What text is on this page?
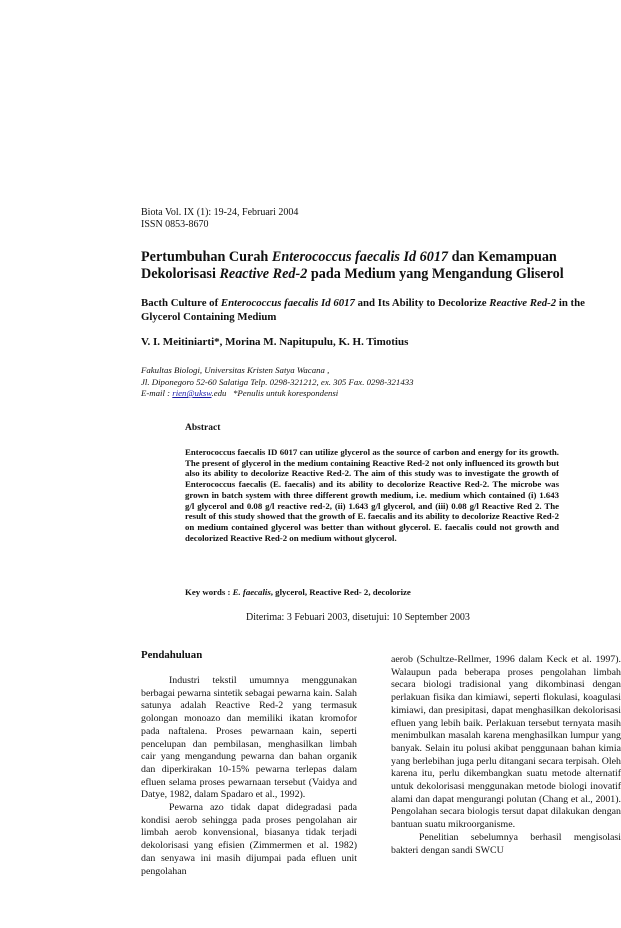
Biota Vol. IX (1): 19-24, Februari 2004
ISSN 0853-8670
Pertumbuhan Curah Enterococcus faecalis Id 6017 dan Kemampuan Dekolorisasi Reactive Red-2 pada Medium yang Mengandung Gliserol
Bacth Culture of Enterococcus faecalis Id 6017 and Its Ability to Decolorize Reactive Red-2 in the Glycerol Containing Medium
V. I. Meitiniarti*, Morina M. Napitupulu, K. H. Timotius
Fakultas Biologi, Universitas Kristen Satya Wacana ,
Jl. Diponegoro 52-60 Salatiga Telp. 0298-321212, ex. 305 Fax. 0298-321433
E-mail : rien@uksw.edu *Penulis untuk korespondensi
Abstract
Enterococcus faecalis ID 6017 can utilize glycerol as the source of carbon and energy for its growth. The present of glycerol in the medium containing Reactive Red-2 not only influenced its growth but also its ability to decolorize Reactive Red-2. The aim of this study was to investigate the growth of Enterococcus faecalis (E. faecalis) and its ability to decolorize Reactive Red-2. The microbe was grown in batch system with three different growth medium, i.e. medium which contained (i) 1.643 g/l glycerol and 0.08 g/l reactive red-2, (ii) 1.643 g/l glycerol, and (iii) 0.08 g/l Reactive Red 2. The result of this study showed that the growth of E. faecalis and its ability to decolorize Reactive Red-2 on medium contained glycerol was better than without glycerol. E. faecalis could not growth and decolorized Reactive Red-2 on medium without glycerol.
Key words : E. faecalis, glycerol, Reactive Red- 2, decolorize
Diterima: 3 Febuari 2003, disetujui: 10 September 2003
Pendahuluan

Industri tekstil umumnya menggunakan berbagai pewarna sintetik sebagai pewarna kain. Salah satunya adalah Reactive Red-2 yang termasuk golongan monoazo dan memiliki ikatan kromofor pada naftalena. Proses pewarnaan kain, seperti pencelupan dan pembilasan, menghasilkan limbah cair yang mengandung pewarna dan bahan organik dan diperkirakan 10-15% pewarna terlepas dalam efluen selama proses pewarnaan tersebut (Vaidya and Datye, 1982, dalam Spadaro et al., 1992).

Pewarna azo tidak dapat didegradasi pada kondisi aerob sehingga pada proses pengolahan air limbah aerob konvensional, biasanya tidak terjadi dekolorisasi yang efisien (Zimmermen et al. 1982) dan senyawa ini masih dijumpai pada efluen unit pengolahan

aerob (Schultze-Rellmer, 1996 dalam Keck et al. 1997). Walaupun pada beberapa proses pengolahan limbah secara biologi tradisional yang dikombinasi dengan perlakuan fisika dan kimiawi, seperti flokulasi, koagulasi kimiawi, dan presipitasi, dapat menghasilkan dekolorisasi efluen yang lebih baik. Perlakuan tersebut ternyata masih menimbulkan masalah karena menghasilkan lumpur yang banyak. Selain itu polusi akibat penggunaan bahan kimia yang berlebihan juga perlu ditangani secara terpisah. Oleh karena itu, perlu dikembangkan suatu metode alternatif untuk dekolorisasi menggunakan metode biologi inovatif alami dan dapat mengurangi polutan (Chang et al., 2001). Pengolahan secara biologis tersut dapat dilakukan dengan bantuan suatu mikroorganisme.

Penelitian sebelumnya berhasil mengisolasi bakteri dengan sandi SWCU
